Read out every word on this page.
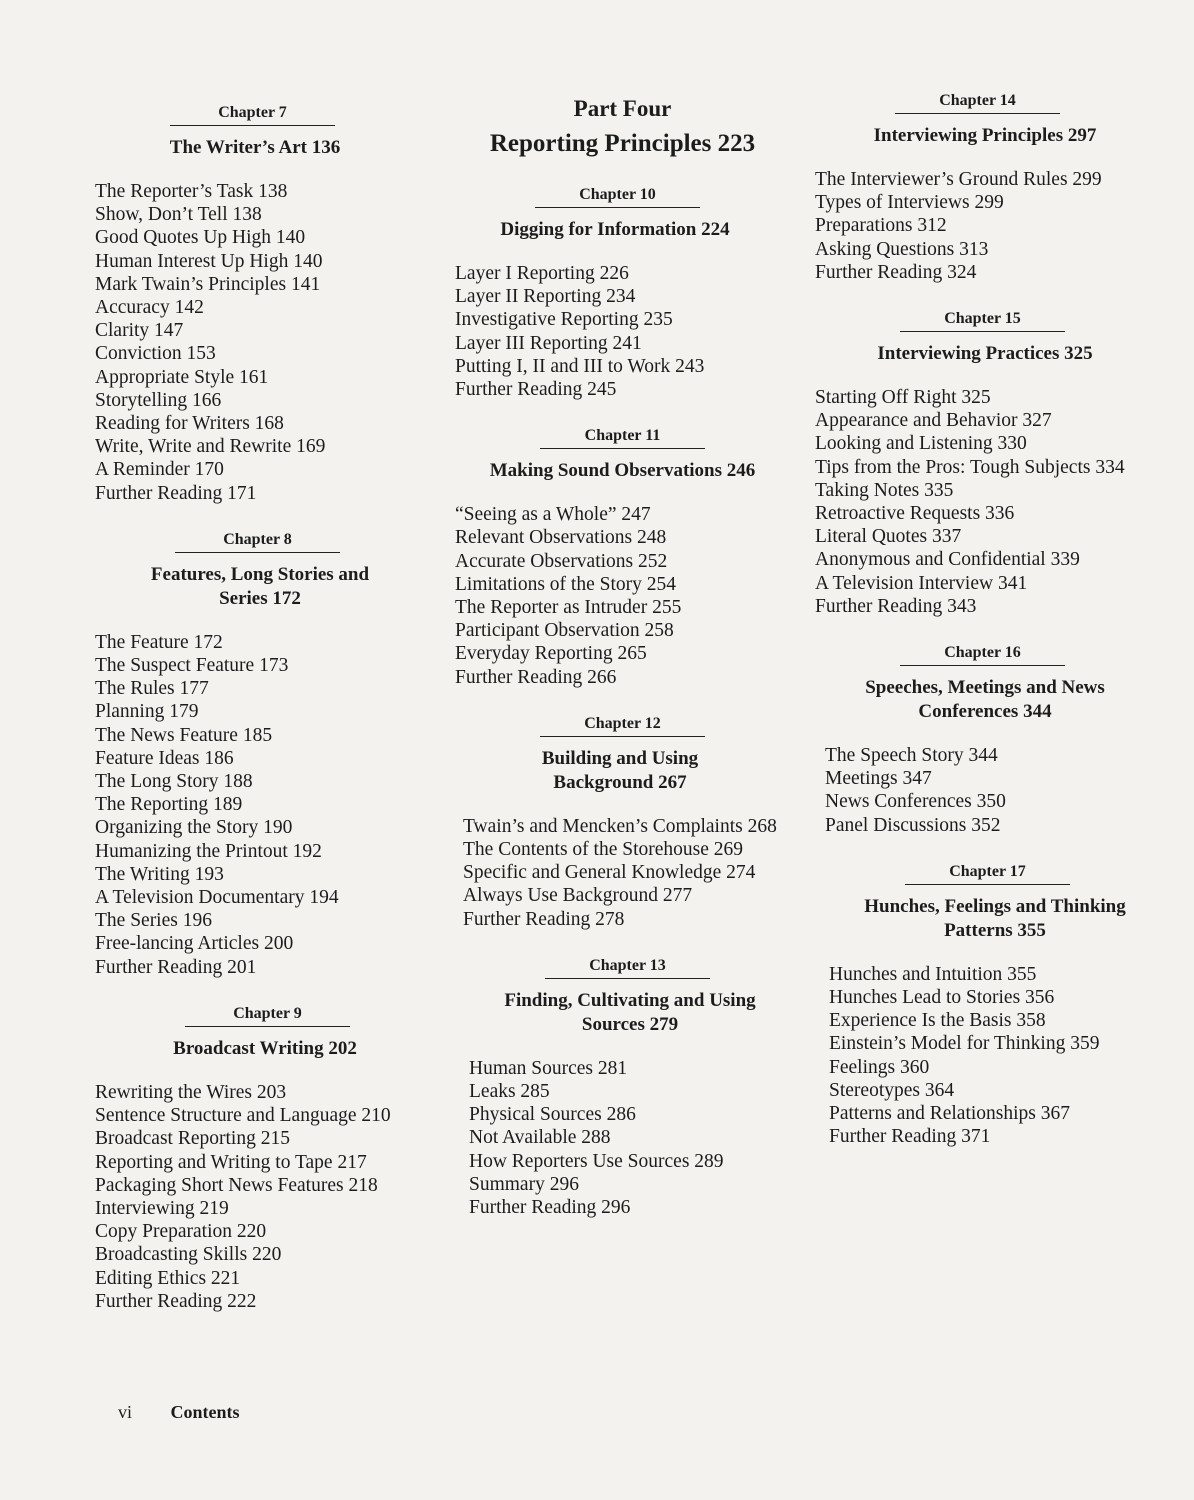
Chapter 7
The Writer’s Art 136
The Reporter’s Task 138
Show, Don’t Tell 138
Good Quotes Up High 140
Human Interest Up High 140
Mark Twain’s Principles 141
Accuracy 142
Clarity 147
Conviction 153
Appropriate Style 161
Storytelling 166
Reading for Writers 168
Write, Write and Rewrite 169
A Reminder 170
Further Reading 171
Chapter 8
Features, Long Stories and Series 172
The Feature 172
The Suspect Feature 173
The Rules 177
Planning 179
The News Feature 185
Feature Ideas 186
The Long Story 188
The Reporting 189
Organizing the Story 190
Humanizing the Printout 192
The Writing 193
A Television Documentary 194
The Series 196
Free-lancing Articles 200
Further Reading 201
Chapter 9
Broadcast Writing 202
Rewriting the Wires 203
Sentence Structure and Language 210
Broadcast Reporting 215
Reporting and Writing to Tape 217
Packaging Short News Features 218
Interviewing 219
Copy Preparation 220
Broadcasting Skills 220
Editing Ethics 221
Further Reading 222
Part Four
Reporting Principles 223
Chapter 10
Digging for Information 224
Layer I Reporting 226
Layer II Reporting 234
Investigative Reporting 235
Layer III Reporting 241
Putting I, II and III to Work 243
Further Reading 245
Chapter 11
Making Sound Observations 246
“Seeing as a Whole” 247
Relevant Observations 248
Accurate Observations 252
Limitations of the Story 254
The Reporter as Intruder 255
Participant Observation 258
Everyday Reporting 265
Further Reading 266
Chapter 12
Building and Using Background 267
Twain’s and Mencken’s Complaints 268
The Contents of the Storehouse 269
Specific and General Knowledge 274
Always Use Background 277
Further Reading 278
Chapter 13
Finding, Cultivating and Using Sources 279
Human Sources 281
Leaks 285
Physical Sources 286
Not Available 288
How Reporters Use Sources 289
Summary 296
Further Reading 296
Chapter 14
Interviewing Principles 297
The Interviewer’s Ground Rules 299
Types of Interviews 299
Preparations 312
Asking Questions 313
Further Reading 324
Chapter 15
Interviewing Practices 325
Starting Off Right 325
Appearance and Behavior 327
Looking and Listening 330
Tips from the Pros: Tough Subjects 334
Taking Notes 335
Retroactive Requests 336
Literal Quotes 337
Anonymous and Confidential 339
A Television Interview 341
Further Reading 343
Chapter 16
Speeches, Meetings and News Conferences 344
The Speech Story 344
Meetings 347
News Conferences 350
Panel Discussions 352
Chapter 17
Hunches, Feelings and Thinking Patterns 355
Hunches and Intuition 355
Hunches Lead to Stories 356
Experience Is the Basis 358
Einstein’s Model for Thinking 359
Feelings 360
Stereotypes 364
Patterns and Relationships 367
Further Reading 371
vi Contents
